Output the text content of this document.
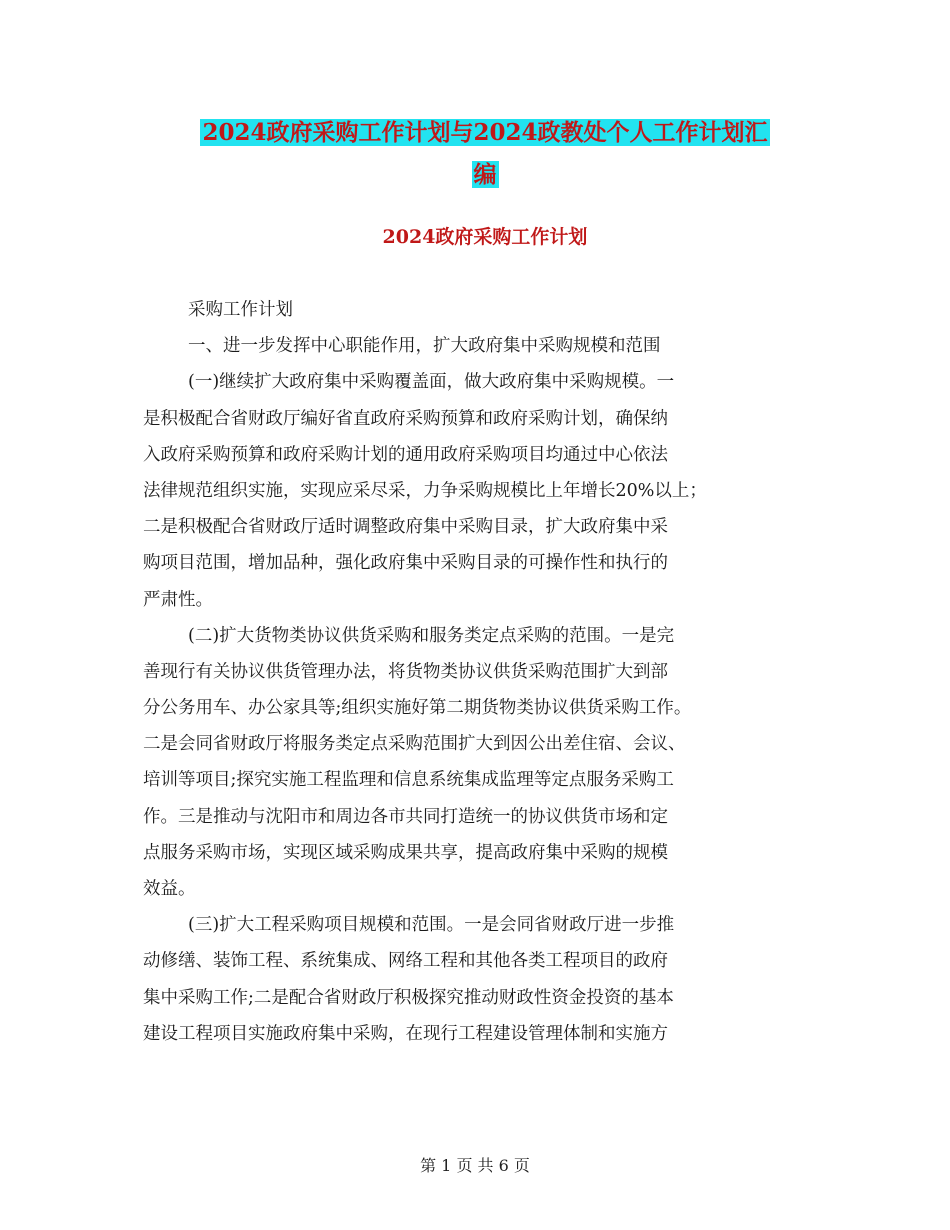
2024政府采购工作计划与2024政教处个人工作计划汇
编
2024政府采购工作计划
采购工作计划
一、进一步发挥中心职能作用，扩大政府集中采购规模和范围
(一)继续扩大政府集中采购覆盖面，做大政府集中采购规模。一
是积极配合省财政厅编好省直政府采购预算和政府采购计划，确保纳
入政府采购预算和政府采购计划的通用政府采购项目均通过中心依法
法律规范组织实施，实现应采尽采，力争采购规模比上年增长20%以上；
二是积极配合省财政厅适时调整政府集中采购目录，扩大政府集中采
购项目范围，增加品种，强化政府集中采购目录的可操作性和执行的
严肃性。
(二)扩大货物类协议供货采购和服务类定点采购的范围。一是完
善现行有关协议供货管理办法，将货物类协议供货采购范围扩大到部
分公务用车、办公家具等;组织实施好第二期货物类协议供货采购工作。
二是会同省财政厅将服务类定点采购范围扩大到因公出差住宿、会议、
培训等项目;探究实施工程监理和信息系统集成监理等定点服务采购工
作。三是推动与沈阳市和周边各市共同打造统一的协议供货市场和定
点服务采购市场，实现区域采购成果共享，提高政府集中采购的规模
效益。
(三)扩大工程采购项目规模和范围。一是会同省财政厅进一步推
动修缮、装饰工程、系统集成、网络工程和其他各类工程项目的政府
集中采购工作;二是配合省财政厅积极探究推动财政性资金投资的基本
建设工程项目实施政府集中采购，在现行工程建设管理体制和实施方
第 1 页 共 6 页
